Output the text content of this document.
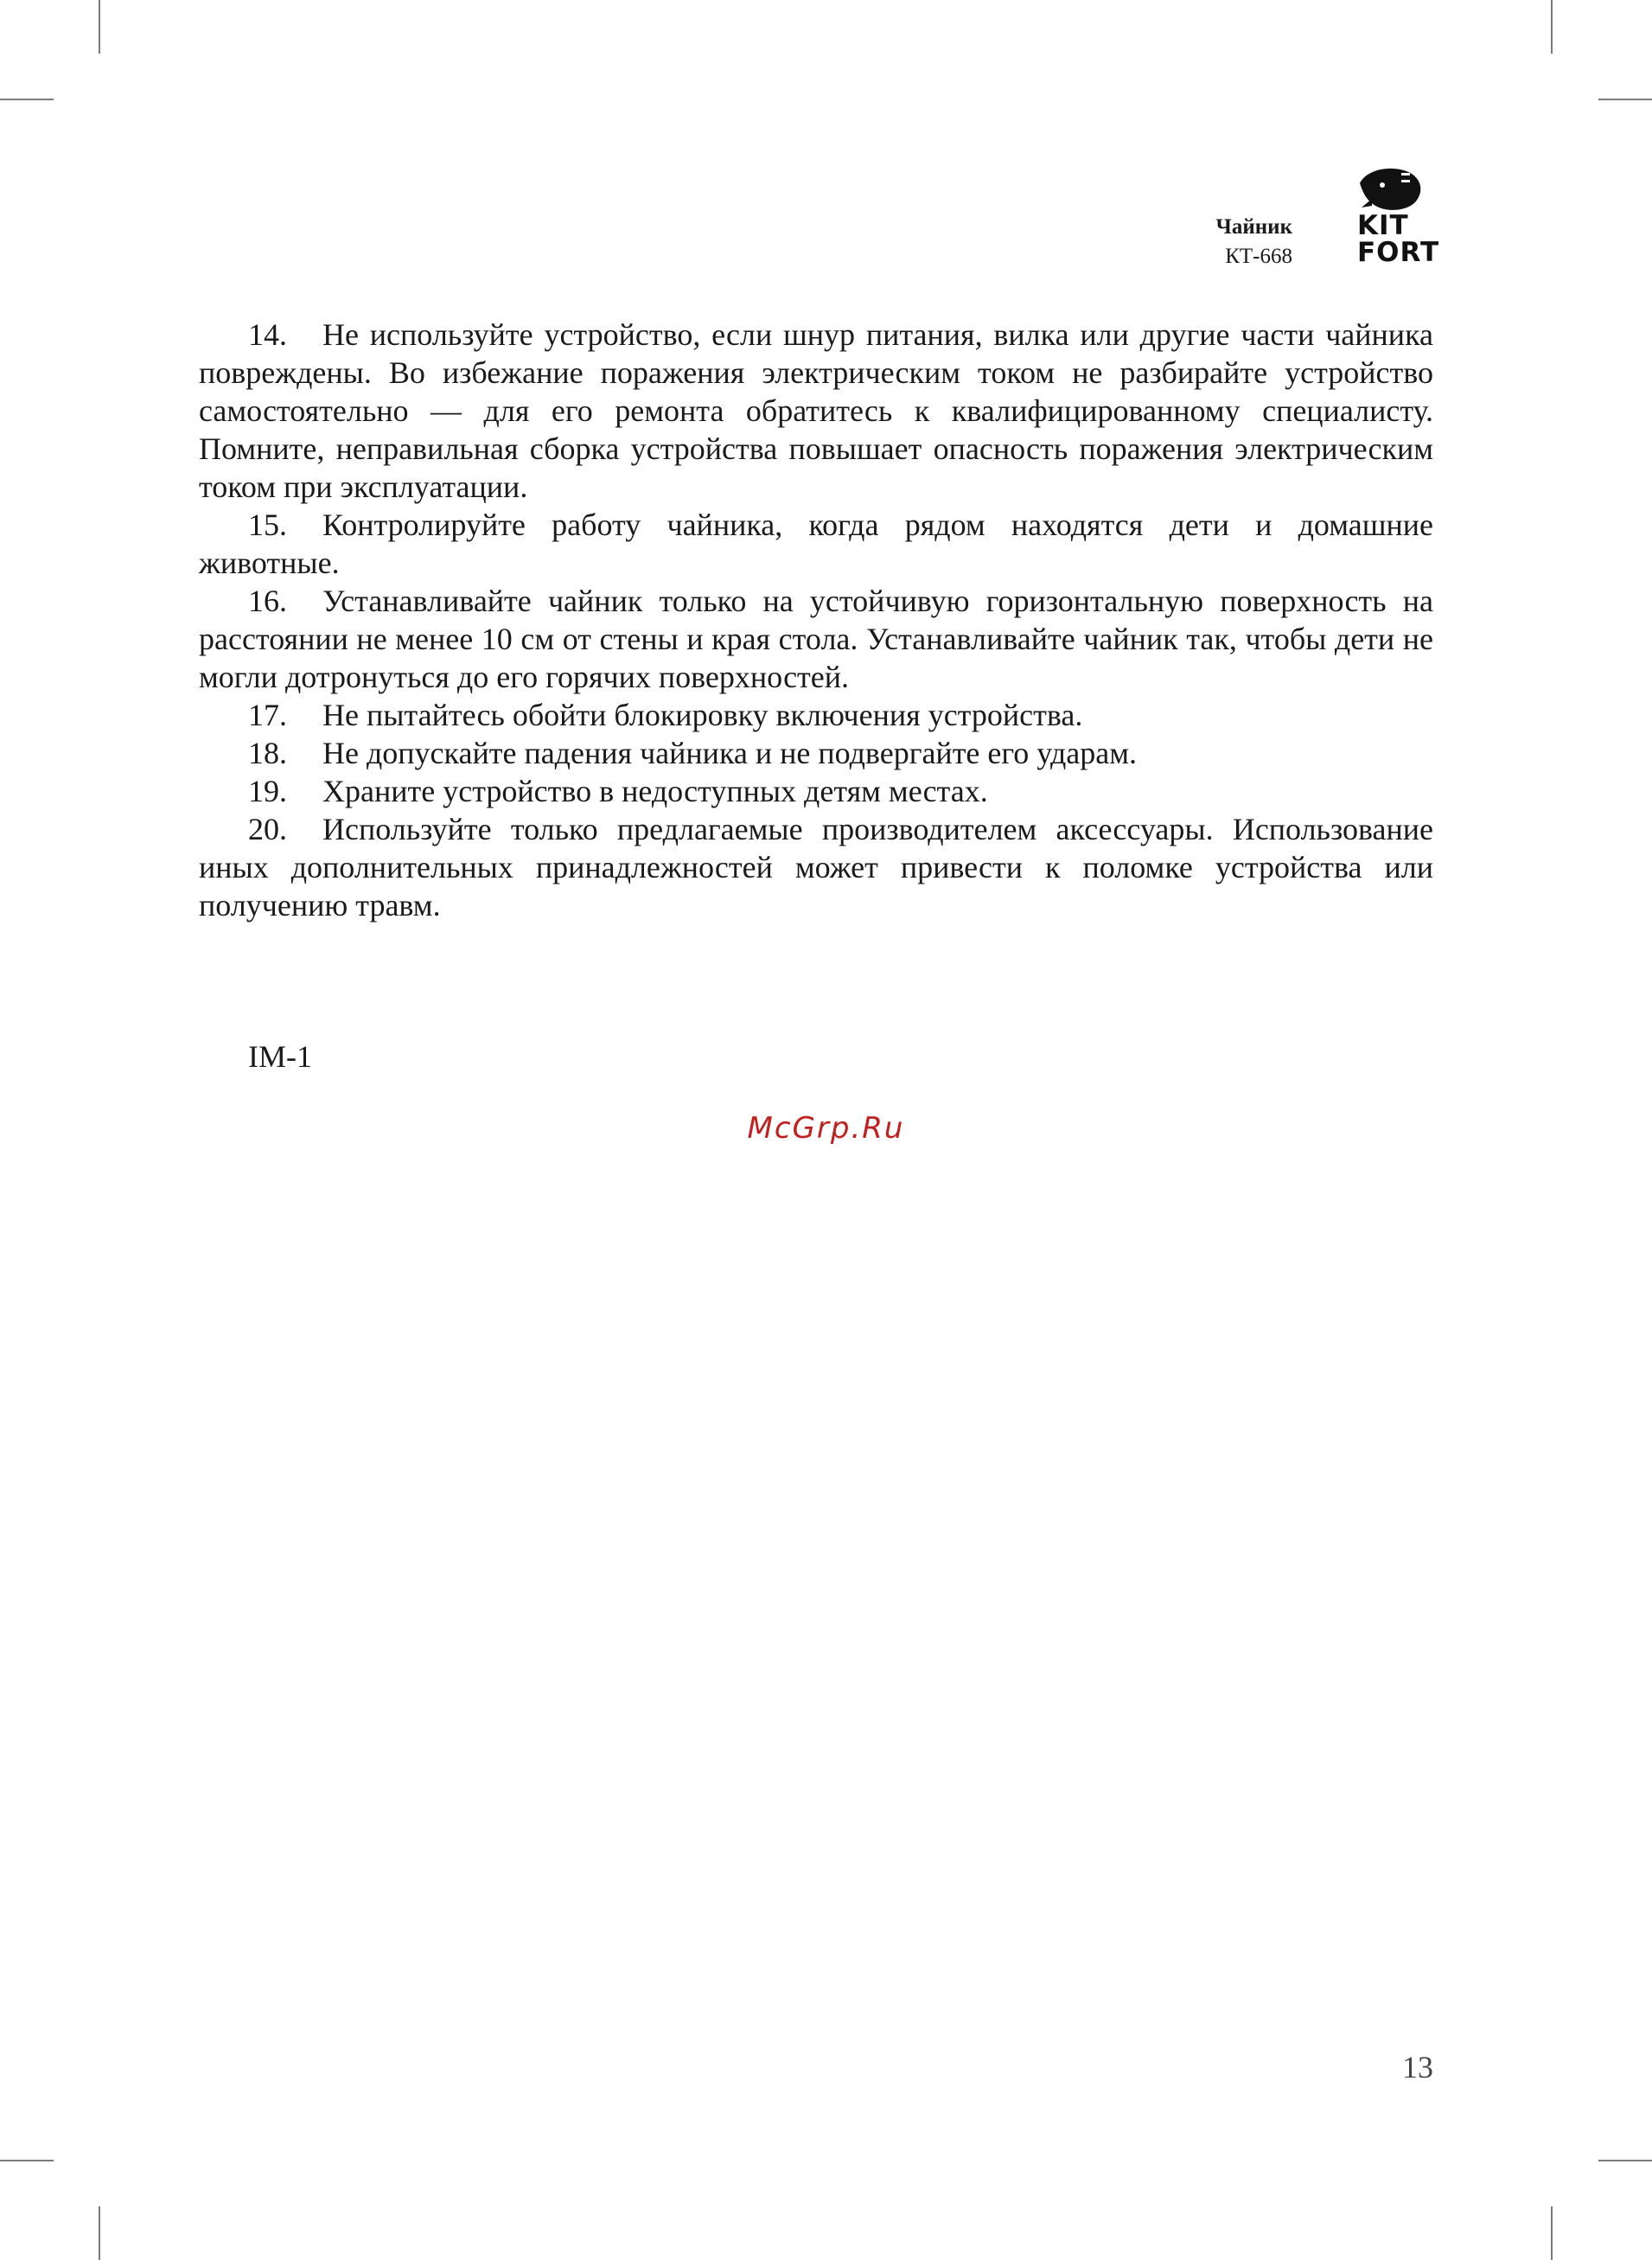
Чайник
КТ-668
KIT
FORT

14. Не используйте устройство, если шнур питания, вилка или другие части чайника повреждены. Во избежание поражения электрическим током не разбирайте устройство самостоятельно — для его ремонта обратитесь к квалифицированному специалисту. Помните, неправильная сборка устройства повышает опасность поражения электрическим током при эксплуатации.

15. Контролируйте работу чайника, когда рядом находятся дети и домашние животные.

16. Устанавливайте чайник только на устойчивую горизонтальную поверхность на расстоянии не менее 10 см от стены и края стола. Устанавливайте чайник так, чтобы дети не могли дотронуться до его горячих поверхностей.

17. Не пытайтесь обойти блокировку включения устройства.

18. Не допускайте падения чайника и не подвергайте его ударам.

19. Храните устройство в недоступных детям местах.

20. Используйте только предлагаемые производителем аксессуары. Использование иных дополнительных принадлежностей может привести к поломке устройства или получению травм.

IM-1
McGrp.Ru
13
